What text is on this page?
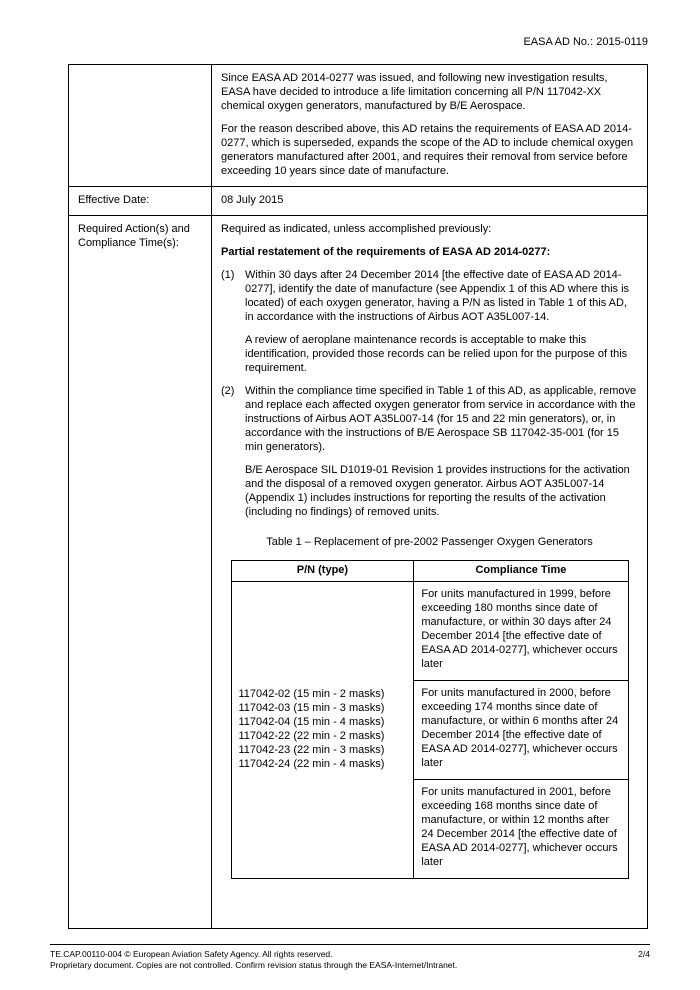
EASA AD No.: 2015-0119

Since EASA AD 2014-0277 was issued, and following new investigation results, EASA have decided to introduce a life limitation concerning all P/N 117042-XX chemical oxygen generators, manufactured by B/E Aerospace.

For the reason described above, this AD retains the requirements of EASA AD 2014-0277, which is superseded, expands the scope of the AD to include chemical oxygen generators manufactured after 2001, and requires their removal from service before exceeding 10 years since date of manufacture.

Effective Date:	08 July 2015
Required Action(s) and Compliance Time(s):	

Required as indicated, unless accomplished previously:

Partial restatement of the requirements of EASA AD 2014-0277:

(1) Within 30 days after 24 December 2014 [the effective date of EASA AD 2014-0277], identify the date of manufacture (see Appendix 1 of this AD where this is located) of each oxygen generator, having a P/N as listed in Table 1 of this AD, in accordance with the instructions of Airbus AOT A35L007-14.

A review of aeroplane maintenance records is acceptable to make this identification, provided those records can be relied upon for the purpose of this requirement.

(2) Within the compliance time specified in Table 1 of this AD, as applicable, remove and replace each affected oxygen generator from service in accordance with the instructions of Airbus AOT A35L007-14 (for 15 and 22 min generators), or, in accordance with the instructions of B/E Aerospace SB 117042-35-001 (for 15 min generators).

B/E Aerospace SIL D1019-01 Revision 1 provides instructions for the activation and the disposal of a removed oxygen generator. Airbus AOT A35L007-14 (Appendix 1) includes instructions for reporting the results of the activation (including no findings) of removed units.

Table 1 – Replacement of pre-2002 Passenger Oxygen Generators

P/N (type)	Compliance Time

117042-02 (15 min - 2 masks)
117042-03 (15 min - 3 masks)
117042-04 (15 min - 4 masks)
117042-22 (22 min - 2 masks)
117042-23 (22 min - 3 masks)
117042-24 (22 min - 4 masks)
	For units manufactured in 1999, before exceeding 180 months since date of manufacture, or within 30 days after 24 December 2014 [the effective date of EASA AD 2014-0277], whichever occurs later
For units manufactured in 2000, before exceeding 174 months since date of manufacture, or within 6 months after 24 December 2014 [the effective date of EASA AD 2014-0277], whichever occurs later
For units manufactured in 2001, before exceeding 168 months since date of manufacture, or within 12 months after 24 December 2014 [the effective date of EASA AD 2014-0277], whichever occurs later
TE.CAP.00110-004 © European Aviation Safety Agency. All rights reserved.	2/4
Proprietary document. Copies are not controlled. Confirm revision status through the EASA-Internet/Intranet.
